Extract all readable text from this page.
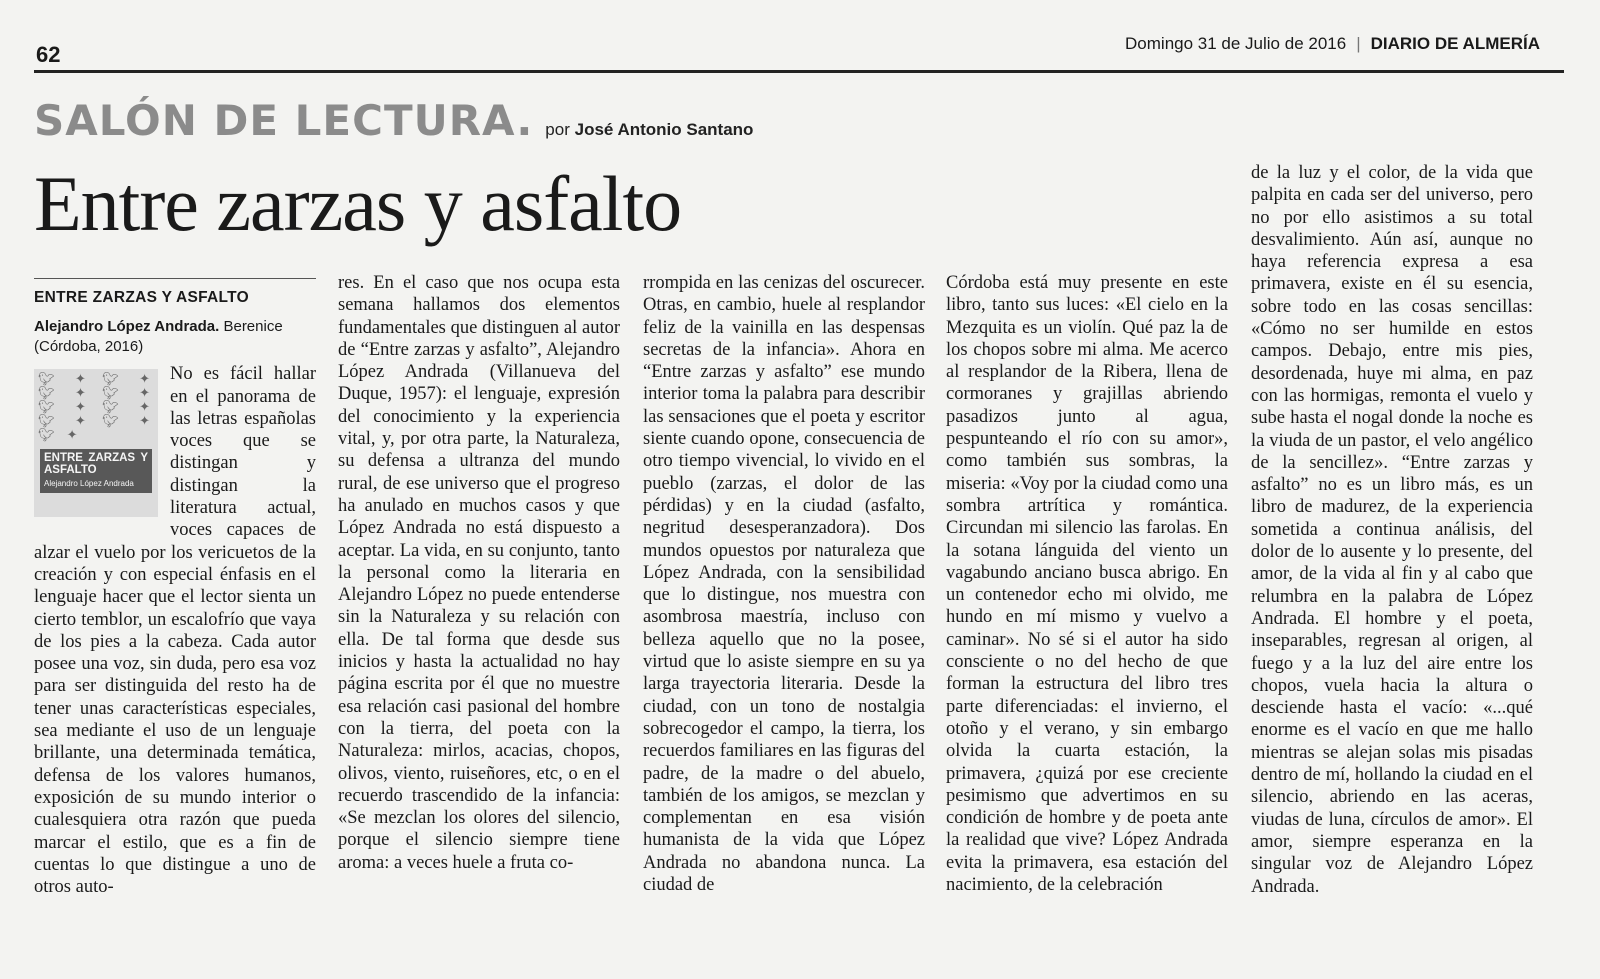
62	Domingo 31 de Julio de 2016 | DIARIO DE ALMERÍA
SALÓN DE LECTURA. por José Antonio Santano
Entre zarzas y asfalto
ENTRE ZARZAS Y ASFALTO
Alejandro López Andrada. Berenice (Córdoba, 2016)
🐦︎ ✦ 🐦︎ ✦ 🐦︎ ✦ 🐦︎ ✦ 🐦︎ ✦ 🐦︎ ✦ 🐦︎ ✦ 🐦︎ ✦ 🐦︎ ✦
ENTRE ZARZAS Y ASFALTO
Alejandro López Andrada

No es fácil hallar en el panorama de las letras españolas voces que se distingan y distingan la literatura actual, voces capaces de alzar el vuelo por los vericuetos de la creación y con especial énfasis en el lenguaje hacer que el lector sienta un cierto temblor, un escalofrío que vaya de los pies a la cabeza. Cada autor posee una voz, sin duda, pero esa voz para ser distinguida del resto ha de tener unas características especiales, sea mediante el uso de un lenguaje brillante, una determinada temática, defensa de los valores humanos, exposición de su mundo interior o cualesquiera otra razón que pueda marcar el estilo, que es a fin de cuentas lo que distingue a uno de otros auto-

res. En el caso que nos ocupa esta semana hallamos dos elementos fundamentales que distinguen al autor de “Entre zarzas y asfalto”, Alejandro López Andrada (Villanueva del Duque, 1957): el lenguaje, expresión del conocimiento y la experiencia vital, y, por otra parte, la Naturaleza, su defensa a ultranza del mundo rural, de ese universo que el progreso ha anulado en muchos casos y que López Andrada no está dispuesto a aceptar. La vida, en su conjunto, tanto la personal como la literaria en Alejandro López no puede entenderse sin la Naturaleza y su relación con ella. De tal forma que desde sus inicios y hasta la actualidad no hay página escrita por él que no muestre esa relación casi pasional del hombre con la tierra, del poeta con la Naturaleza: mirlos, acacias, chopos, olivos, viento, ruiseñores, etc, o en el recuerdo trascendido de la infancia: «Se mezclan los olores del silencio, porque el silencio siempre tiene aroma: a veces huele a fruta co-

rrompida en las cenizas del oscurecer. Otras, en cambio, huele al resplandor feliz de la vainilla en las despensas secretas de la infancia». Ahora en “Entre zarzas y asfalto” ese mundo interior toma la palabra para describir las sensaciones que el poeta y escritor siente cuando opone, consecuencia de otro tiempo vivencial, lo vivido en el pueblo (zarzas, el dolor de las pérdidas) y en la ciudad (asfalto, negritud desesperanzadora). Dos mundos opuestos por naturaleza que López Andrada, con la sensibilidad que lo distingue, nos muestra con asombrosa maestría, incluso con belleza aquello que no la posee, virtud que lo asiste siempre en su ya larga trayectoria literaria. Desde la ciudad, con un tono de nostalgia sobrecogedor el campo, la tierra, los recuerdos familiares en las figuras del padre, de la madre o del abuelo, también de los amigos, se mezclan y complementan en esa visión humanista de la vida que López Andrada no abandona nunca. La ciudad de

Córdoba está muy presente en este libro, tanto sus luces: «El cielo en la Mezquita es un violín. Qué paz la de los chopos sobre mi alma. Me acerco al resplandor de la Ribera, llena de cormoranes y grajillas abriendo pasadizos junto al agua, pespunteando el río con su amor», como también sus sombras, la miseria: «Voy por la ciudad como una sombra artrítica y romántica. Circundan mi silencio las farolas. En la sotana lánguida del viento un vagabundo anciano busca abrigo. En un contenedor echo mi olvido, me hundo en mí mismo y vuelvo a caminar». No sé si el autor ha sido consciente o no del hecho de que forman la estructura del libro tres parte diferenciadas: el invierno, el otoño y el verano, y sin embargo olvida la cuarta estación, la primavera, ¿quizá por ese creciente pesimismo que advertimos en su condición de hombre y de poeta ante la realidad que vive? López Andrada evita la primavera, esa estación del nacimiento, de la celebración

de la luz y el color, de la vida que palpita en cada ser del universo, pero no por ello asistimos a su total desvalimiento. Aún así, aunque no haya referencia expresa a esa primavera, existe en él su esencia, sobre todo en las cosas sencillas: «Cómo no ser humilde en estos campos. Debajo, entre mis pies, desordenada, huye mi alma, en paz con las hormigas, remonta el vuelo y sube hasta el nogal donde la noche es la viuda de un pastor, el velo angélico de la sencillez». “Entre zarzas y asfalto” no es un libro más, es un libro de madurez, de la experiencia sometida a continua análisis, del dolor de lo ausente y lo presente, del amor, de la vida al fin y al cabo que relumbra en la palabra de López Andrada. El hombre y el poeta, inseparables, regresan al origen, al fuego y a la luz del aire entre los chopos, vuela hacia la altura o desciende hasta el vacío: «...qué enorme es el vacío en que me hallo mientras se alejan solas mis pisadas dentro de mí, hollando la ciudad en el silencio, abriendo en las aceras, viudas de luna, círculos de amor». El amor, siempre esperanza en la singular voz de Alejandro López Andrada.
